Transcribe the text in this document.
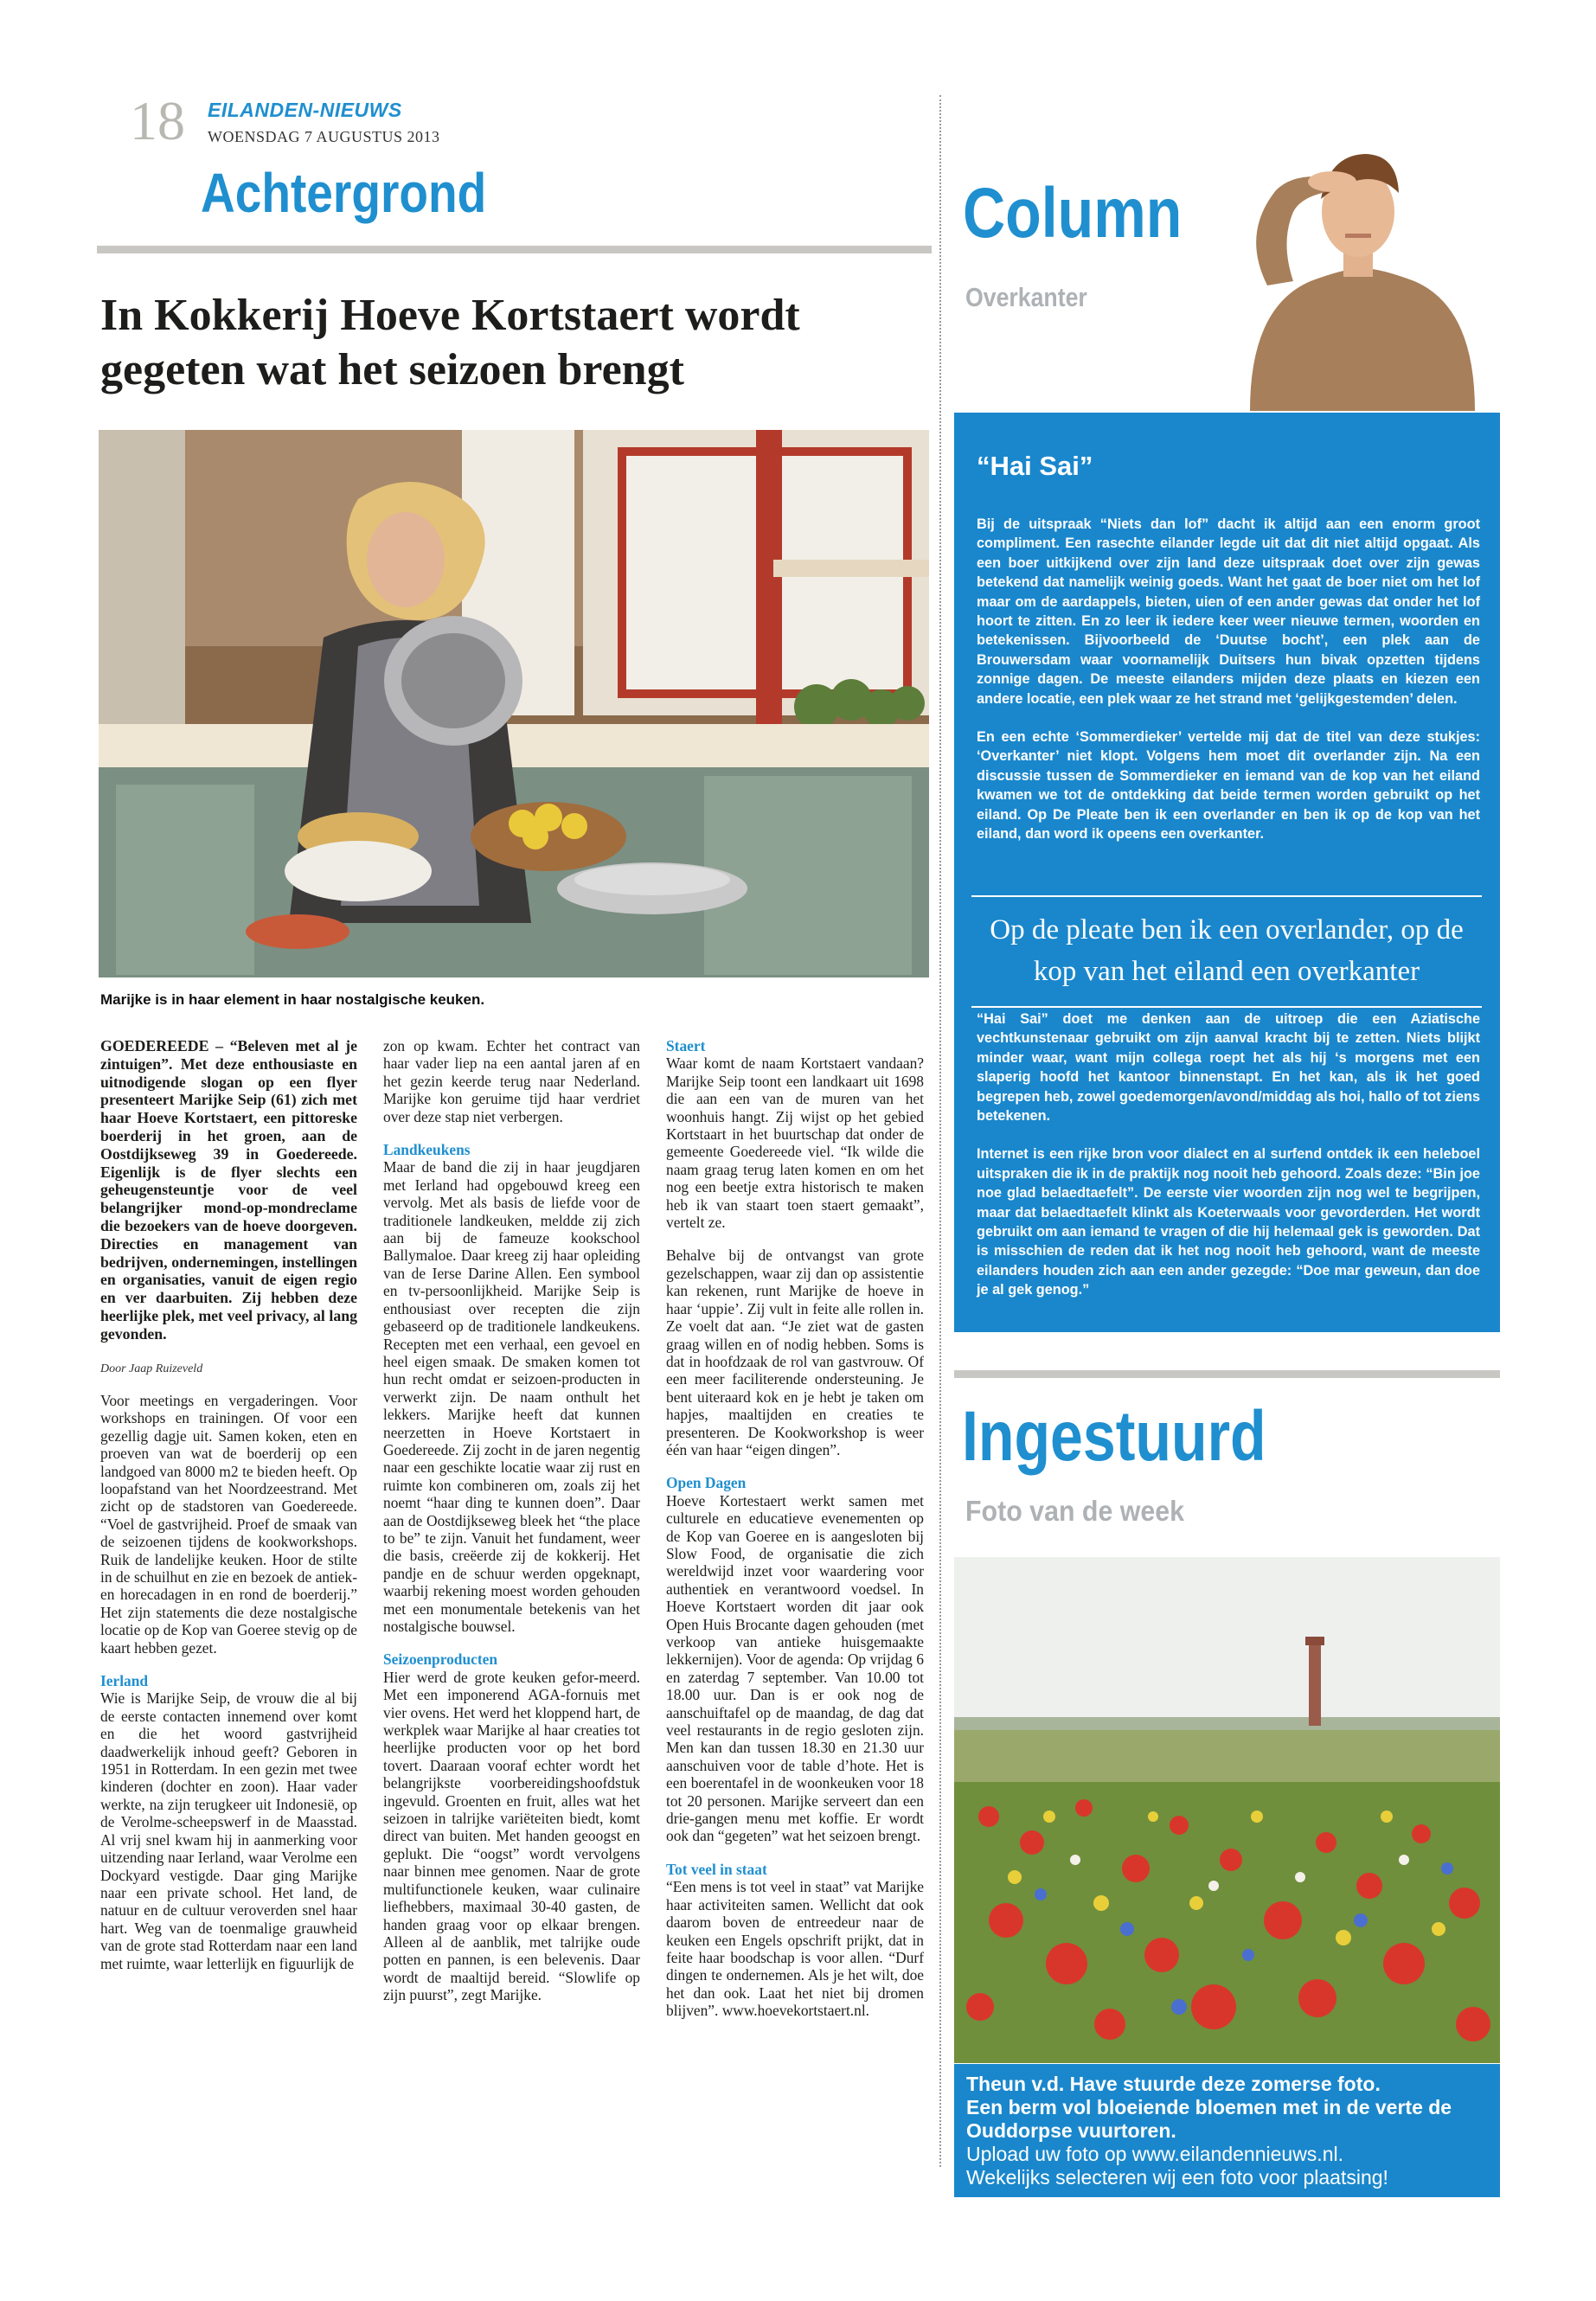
18 EILANDEN-NIEUWS
WOENSDAG 7 AUGUSTUS 2013
Achtergrond
In Kokkerij Hoeve Kortstaert wordt gegeten wat het seizoen brengt
Marijke is in haar element in haar nostalgische keuken.

GOEDEREEDE – “Beleven met al je zintuigen”. Met deze enthousiaste en uitnodigende slogan op een flyer presenteert Marijke Seip (61) zich met haar Hoeve Kortstaert, een pittoreske boerderij in het groen, aan de Oostdijkseweg 39 in Goedereede. Eigenlijk is de flyer slechts een geheugensteuntje voor de veel belangrijker mond-op-mondreclame die bezoekers van de hoeve doorgeven. Directies en management van bedrijven, ondernemingen, instellingen en organisaties, vanuit de eigen regio en ver daarbuiten. Zij hebben deze heerlijke plek, met veel privacy, al lang gevonden.

Door Jaap Ruizeveld

Voor meetings en vergaderingen. Voor workshops en trainingen. Of voor een gezellig dagje uit. Samen koken, eten en proeven van wat de boerderij op een landgoed van 8000 m2 te bieden heeft. Op loopafstand van het Noordzeestrand. Met zicht op de stadstoren van Goedereede. “Voel de gastvrijheid. Proef de smaak van de seizoenen tijdens de kookworkshops. Ruik de landelijke keuken. Hoor de stilte in de schuilhut en zie en bezoek de antiek- en horecadagen in en rond de boerderij.” Het zijn statements die deze nostalgische locatie op de Kop van Goeree stevig op de kaart hebben gezet.

Ierland

Wie is Marijke Seip, de vrouw die al bij de eerste contacten innemend over komt en die het woord gastvrijheid daadwerkelijk inhoud geeft? Geboren in 1951 in Rotterdam. In een gezin met twee kinderen (dochter en zoon). Haar vader werkte, na zijn terugkeer uit Indonesië, op de Verolme-scheepswerf in de Maasstad. Al vrij snel kwam hij in aanmerking voor uitzending naar Ierland, waar Verolme een Dockyard vestigde. Daar ging Marijke naar een private school. Het land, de natuur en de cultuur veroverden snel haar hart. Weg van de toenmalige grauwheid van de grote stad Rotterdam naar een land met ruimte, waar letterlijk en figuurlijk de

zon op kwam. Echter het contract van haar vader liep na een aantal jaren af en het gezin keerde terug naar Nederland. Marijke kon geruime tijd haar verdriet over deze stap niet verbergen.

Landkeukens

Maar de band die zij in haar jeugdjaren met Ierland had opgebouwd kreeg een vervolg. Met als basis de liefde voor de traditionele landkeuken, meldde zij zich aan bij de fameuze kookschool Ballymaloe. Daar kreeg zij haar opleiding van de Ierse Darine Allen. Een symbool en tv-persoonlijkheid. Marijke Seip is enthousiast over recepten die zijn gebaseerd op de traditionele landkeukens. Recepten met een verhaal, een gevoel en heel eigen smaak. De smaken komen tot hun recht omdat er seizoen-producten in verwerkt zijn. De naam onthult het lekkers. Marijke heeft dat kunnen neerzetten in Hoeve Kortstaert in Goedereede. Zij zocht in de jaren negentig naar een geschikte locatie waar zij rust en ruimte kon combineren om, zoals zij het noemt “haar ding te kunnen doen”. Daar aan de Oostdijkseweg bleek het “the place to be” te zijn. Vanuit het fundament, weer die basis, creëerde zij de kokkerij. Het pandje en de schuur werden opgeknapt, waarbij rekening moest worden gehouden met een monumentale betekenis van het nostalgische bouwsel.

Seizoenproducten

Hier werd de grote keuken gefor-meerd. Met een imponerend AGA-fornuis met vier ovens. Het werd het kloppend hart, de werkplek waar Marijke al haar creaties tot heerlijke producten voor op het bord tovert. Daaraan vooraf echter wordt het belangrijkste voorbereidingshoofdstuk ingevuld. Groenten en fruit, alles wat het seizoen in talrijke variëteiten biedt, komt direct van buiten. Met handen geoogst en geplukt. Die “oogst” wordt vervolgens naar binnen mee genomen. Naar de grote multifunctionele keuken, waar culinaire liefhebbers, maximaal 30-40 gasten, de handen graag voor op elkaar brengen. Alleen al de aanblik, met talrijke oude potten en pannen, is een belevenis. Daar wordt de maaltijd bereid. “Slowlife op zijn puurst”, zegt Marijke.

Staert

Waar komt de naam Kortstaert vandaan? Marijke Seip toont een landkaart uit 1698 die aan een van de muren van het woonhuis hangt. Zij wijst op het gebied Kortstaart in het buurtschap dat onder de gemeente Goedereede viel. “Ik wilde die naam graag terug laten komen en om het nog een beetje extra historisch te maken heb ik van staart toen staert gemaakt”, vertelt ze.

Behalve bij de ontvangst van grote gezelschappen, waar zij dan op assistentie kan rekenen, runt Marijke de hoeve in haar ‘uppie’. Zij vult in feite alle rollen in. Ze voelt dat aan. “Je ziet wat de gasten graag willen en of nodig hebben. Soms is dat in hoofdzaak de rol van gastvrouw. Of een meer faciliterende ondersteuning. Je bent uiteraard kok en je hebt je taken om hapjes, maaltijden en creaties te presenteren. De Kookworkshop is weer één van haar “eigen dingen”.

Open Dagen

Hoeve Kortestaert werkt samen met culturele en educatieve evenementen op de Kop van Goeree en is aangesloten bij Slow Food, de organisatie die zich wereldwijd inzet voor waardering voor authentiek en verantwoord voedsel. In Hoeve Kortstaert worden dit jaar ook Open Huis Brocante dagen gehouden (met verkoop van antieke huisgemaakte lekkernijen). Voor de agenda: Op vrijdag 6 en zaterdag 7 september. Van 10.00 tot 18.00 uur. Dan is er ook nog de aanschuiftafel op de maandag, de dag dat veel restaurants in de regio gesloten zijn. Men kan dan tussen 18.30 en 21.30 uur aanschuiven voor de table d’hote. Het is een boerentafel in de woonkeuken voor 18 tot 20 personen. Marijke serveert dan een drie-gangen menu met koffie. Er wordt ook dan “gegeten” wat het seizoen brengt.

Tot veel in staat

“Een mens is tot veel in staat” vat Marijke haar activiteiten samen. Wellicht dat ook daarom boven de entreedeur naar de keuken een Engels opschrift prijkt, dat in feite haar boodschap is voor allen. “Durf dingen te ondernemen. Als je het wilt, doe het dan ook. Laat het niet bij dromen blijven”. www.hoevekortstaert.nl.

Column
Overkanter
“Hai Sai”

Bij de uitspraak “Niets dan lof” dacht ik altijd aan een enorm groot compliment. Een rasechte eilander legde uit dat dit niet altijd opgaat. Als een boer uitkijkend over zijn land deze uitspraak doet over zijn gewas betekend dat namelijk weinig goeds. Want het gaat de boer niet om het lof maar om de aardappels, bieten, uien of een ander gewas dat onder het lof hoort te zitten. En zo leer ik iedere keer weer nieuwe termen, woorden en betekenissen. Bijvoorbeeld de ‘Duutse bocht’, een plek aan de Brouwersdam waar voornamelijk Duitsers hun bivak opzetten tijdens zonnige dagen. De meeste eilanders mijden deze plaats en kiezen een andere locatie, een plek waar ze het strand met ‘gelijkgestemden’ delen.

En een echte ‘Sommerdieker’ vertelde mij dat de titel van deze stukjes: ‘Overkanter’ niet klopt. Volgens hem moet dit overlander zijn. Na een discussie tussen de Sommerdieker en iemand van de kop van het eiland kwamen we tot de ontdekking dat beide termen worden gebruikt op het eiland. Op De Pleate ben ik een overlander en ben ik op de kop van het eiland, dan word ik opeens een overkanter.

Op de pleate ben ik een overlander, op de kop van het eiland een overkanter

“Hai Sai” doet me denken aan de uitroep die een Aziatische vechtkunstenaar gebruikt om zijn aanval kracht bij te zetten. Niets blijkt minder waar, want mijn collega roept het als hij ‘s morgens met een slaperig hoofd het kantoor binnenstapt. En het kan, als ik het goed begrepen heb, zowel goedemorgen/avond/middag als hoi, hallo of tot ziens betekenen.

Internet is een rijke bron voor dialect en al surfend ontdek ik een heleboel uitspraken die ik in de praktijk nog nooit heb gehoord. Zoals deze: “Bin joe noe glad belaedtaefelt”. De eerste vier woorden zijn nog wel te begrijpen, maar dat belaedtaefelt klinkt als Koeterwaals voor gevorderden. Het wordt gebruikt om aan iemand te vragen of die hij helemaal gek is geworden. Dat is misschien de reden dat ik het nog nooit heb gehoord, want de meeste eilanders houden zich aan een ander gezegde: “Doe mar geweun, dan doe je al gek genog.”

Ingestuurd
Foto van de week
Theun v.d. Have stuurde deze zomerse foto.
Een berm vol bloeiende bloemen met in de verte de
Ouddorpse vuurtoren.
Upload uw foto op www.eilandennieuws.nl.
Wekelijks selecteren wij een foto voor plaatsing!
